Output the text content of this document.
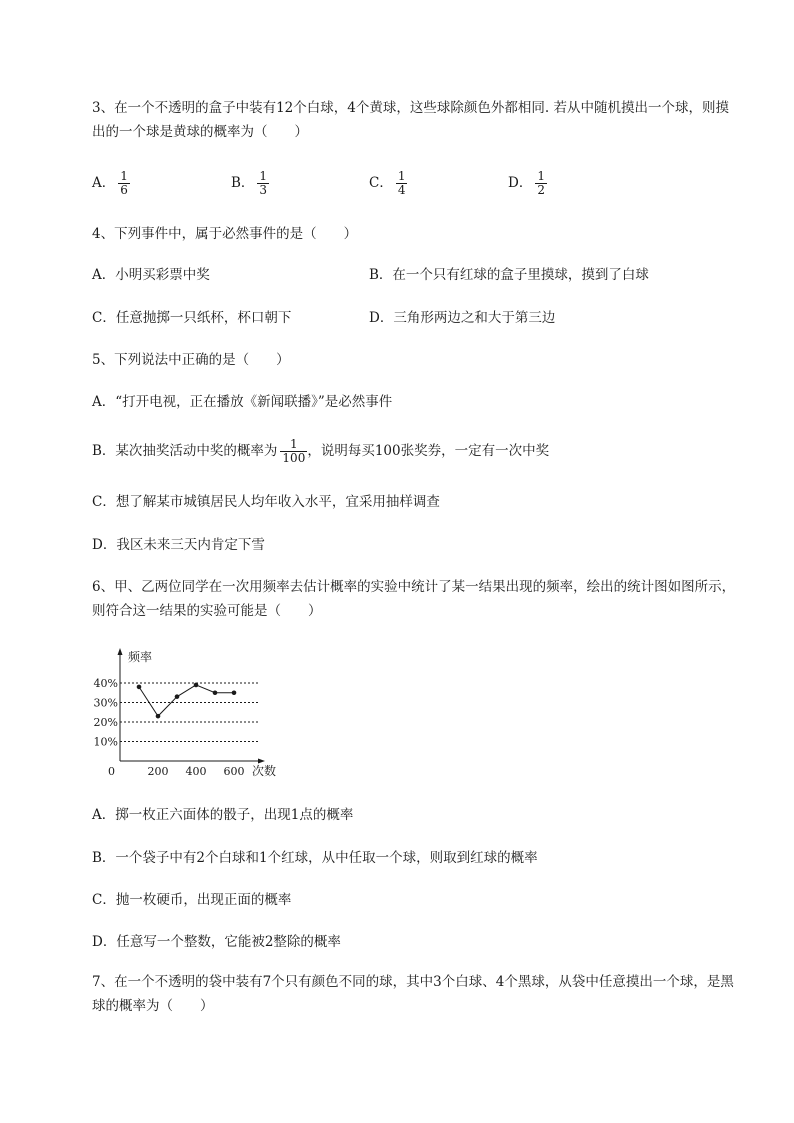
3、在一个不透明的盒子中装有12个白球，4个黄球，这些球除颜色外都相同. 若从中随机摸出一个球，则摸出的一个球是黄球的概率为（　　）
A． $\frac{1}{6}$	B． $\frac{1}{3}$	C． $\frac{1}{4}$	D． $\frac{1}{2}$
4、下列事件中，属于必然事件的是（　　）
A．小明买彩票中奖	B．在一个只有红球的盒子里摸球，摸到了白球
C．任意抛掷一只纸杯，杯口朝下	D．三角形两边之和大于第三边
5、下列说法中正确的是（　　）
A．“打开电视，正在播放《新闻联播》”是必然事件
B．某次抽奖活动中奖的概率为 $\frac{1}{100}$ ，说明每买100张奖券，一定有一次中奖
C．想了解某市城镇居民人均年收入水平，宜采用抽样调查
D．我区未来三天内肯定下雪
6、甲、乙两位同学在一次用频率去估计概率的实验中统计了某一结果出现的频率，绘出的统计图如图所示，则符合这一结果的实验可能是（　　）
频率
次数
10%
20%
30%
40%
0	200 400 600
A．掷一枚正六面体的骰子，出现1点的概率
B．一个袋子中有2个白球和1个红球，从中任取一个球，则取到红球的概率
C．抛一枚硬币，出现正面的概率
D．任意写一个整数，它能被2整除的概率
7、在一个不透明的袋中装有7个只有颜色不同的球，其中3个白球、4个黑球，从袋中任意摸出一个球，是黑球的概率为（　　）
